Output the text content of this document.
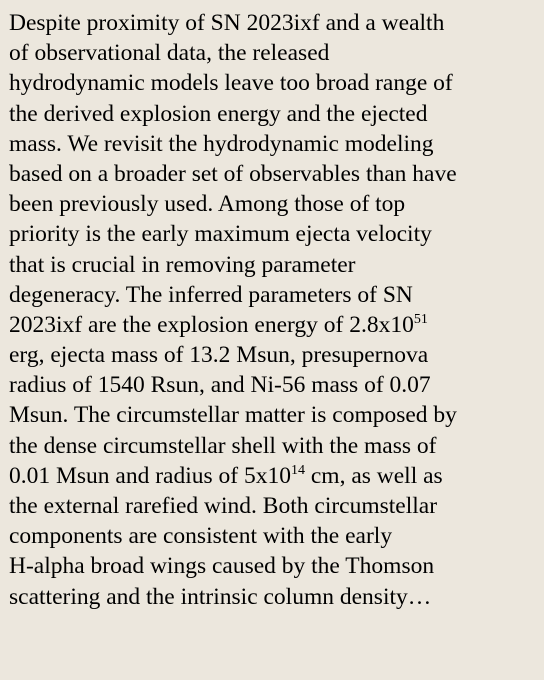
Despite proximity of SN 2023ixf and a wealth
of observational data, the released
hydrodynamic models leave too broad range of
the derived explosion energy and the ejected
mass. We revisit the hydrodynamic modeling
based on a broader set of observables than have
been previously used. Among those of top
priority is the early maximum ejecta velocity
that is crucial in removing parameter
degeneracy. The inferred parameters of SN
2023ixf are the explosion energy of $2.8x10^{51}$
erg, ejecta mass of 13.2 Msun, presupernova
radius of 1540 Rsun, and Ni-56 mass of 0.07
Msun. The circumstellar matter is composed by
the dense circumstellar shell with the mass of
0.01 Msun and radius of $5x10^{14}$ cm, as well as
the external rarefied wind. Both circumstellar
components are consistent with the early
H-alpha broad wings caused by the Thomson
scattering and the intrinsic column density…
